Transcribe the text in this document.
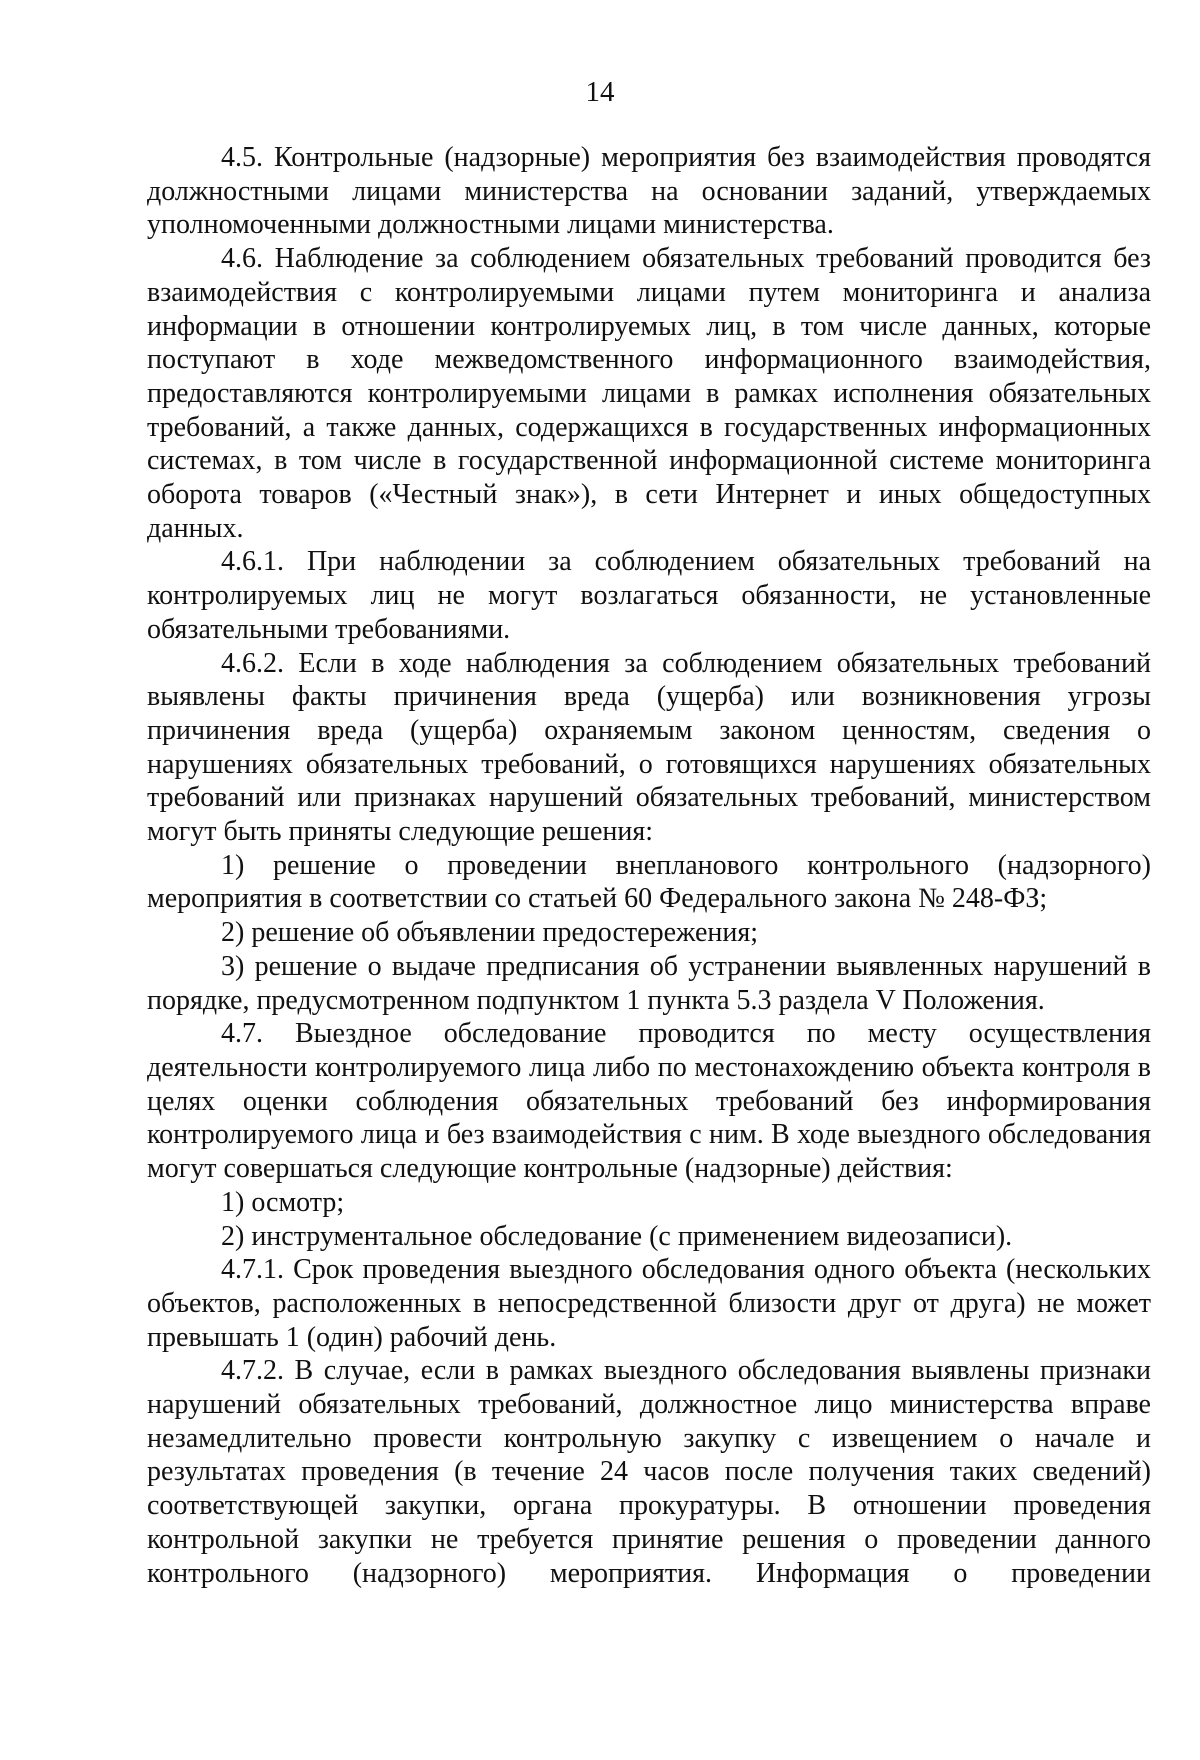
14

4.5. Контрольные (надзорные) мероприятия без взаимодействия проводятся должностными лицами министерства на основании заданий, утверждаемых уполномоченными должностными лицами министерства.

4.6. Наблюдение за соблюдением обязательных требований проводится без взаимодействия с контролируемыми лицами путем мониторинга и анализа информации в отношении контролируемых лиц, в том числе данных, которые поступают в ходе межведомственного информационного взаимодействия, предоставляются контролируемыми лицами в рамках исполнения обязательных требований, а также данных, содержащихся в государственных информационных системах, в том числе в государственной информационной системе мониторинга оборота товаров («Честный знак»), в сети Интернет и иных общедоступных данных.

4.6.1. При наблюдении за соблюдением обязательных требований на контролируемых лиц не могут возлагаться обязанности, не установленные обязательными требованиями.

4.6.2. Если в ходе наблюдения за соблюдением обязательных требований выявлены факты причинения вреда (ущерба) или возникновения угрозы причинения вреда (ущерба) охраняемым законом ценностям, сведения о нарушениях обязательных требований, о готовящихся нарушениях обязательных требований или признаках нарушений обязательных требований, министерством могут быть приняты следующие решения:

1) решение о проведении внепланового контрольного (надзорного) мероприятия в соответствии со статьей 60 Федерального закона № 248-ФЗ;

2) решение об объявлении предостережения;

3) решение о выдаче предписания об устранении выявленных нарушений в порядке, предусмотренном подпунктом 1 пункта 5.3 раздела V Положения.

4.7. Выездное обследование проводится по месту осуществления деятельности контролируемого лица либо по местонахождению объекта контроля в целях оценки соблюдения обязательных требований без информирования контролируемого лица и без взаимодействия с ним. В ходе выездного обследования могут совершаться следующие контрольные (надзорные) действия:

1) осмотр;

2) инструментальное обследование (с применением видеозаписи).

4.7.1. Срок проведения выездного обследования одного объекта (нескольких объектов, расположенных в непосредственной близости друг от друга) не может превышать 1 (один) рабочий день.

4.7.2. В случае, если в рамках выездного обследования выявлены признаки нарушений обязательных требований, должностное лицо министерства вправе незамедлительно провести контрольную закупку с извещением о начале и результатах проведения (в течение 24 часов после получения таких сведений) соответствующей закупки, органа прокуратуры. В отношении проведения контрольной закупки не требуется принятие решения о проведении данного контрольного (надзорного) мероприятия. Информация о проведении
